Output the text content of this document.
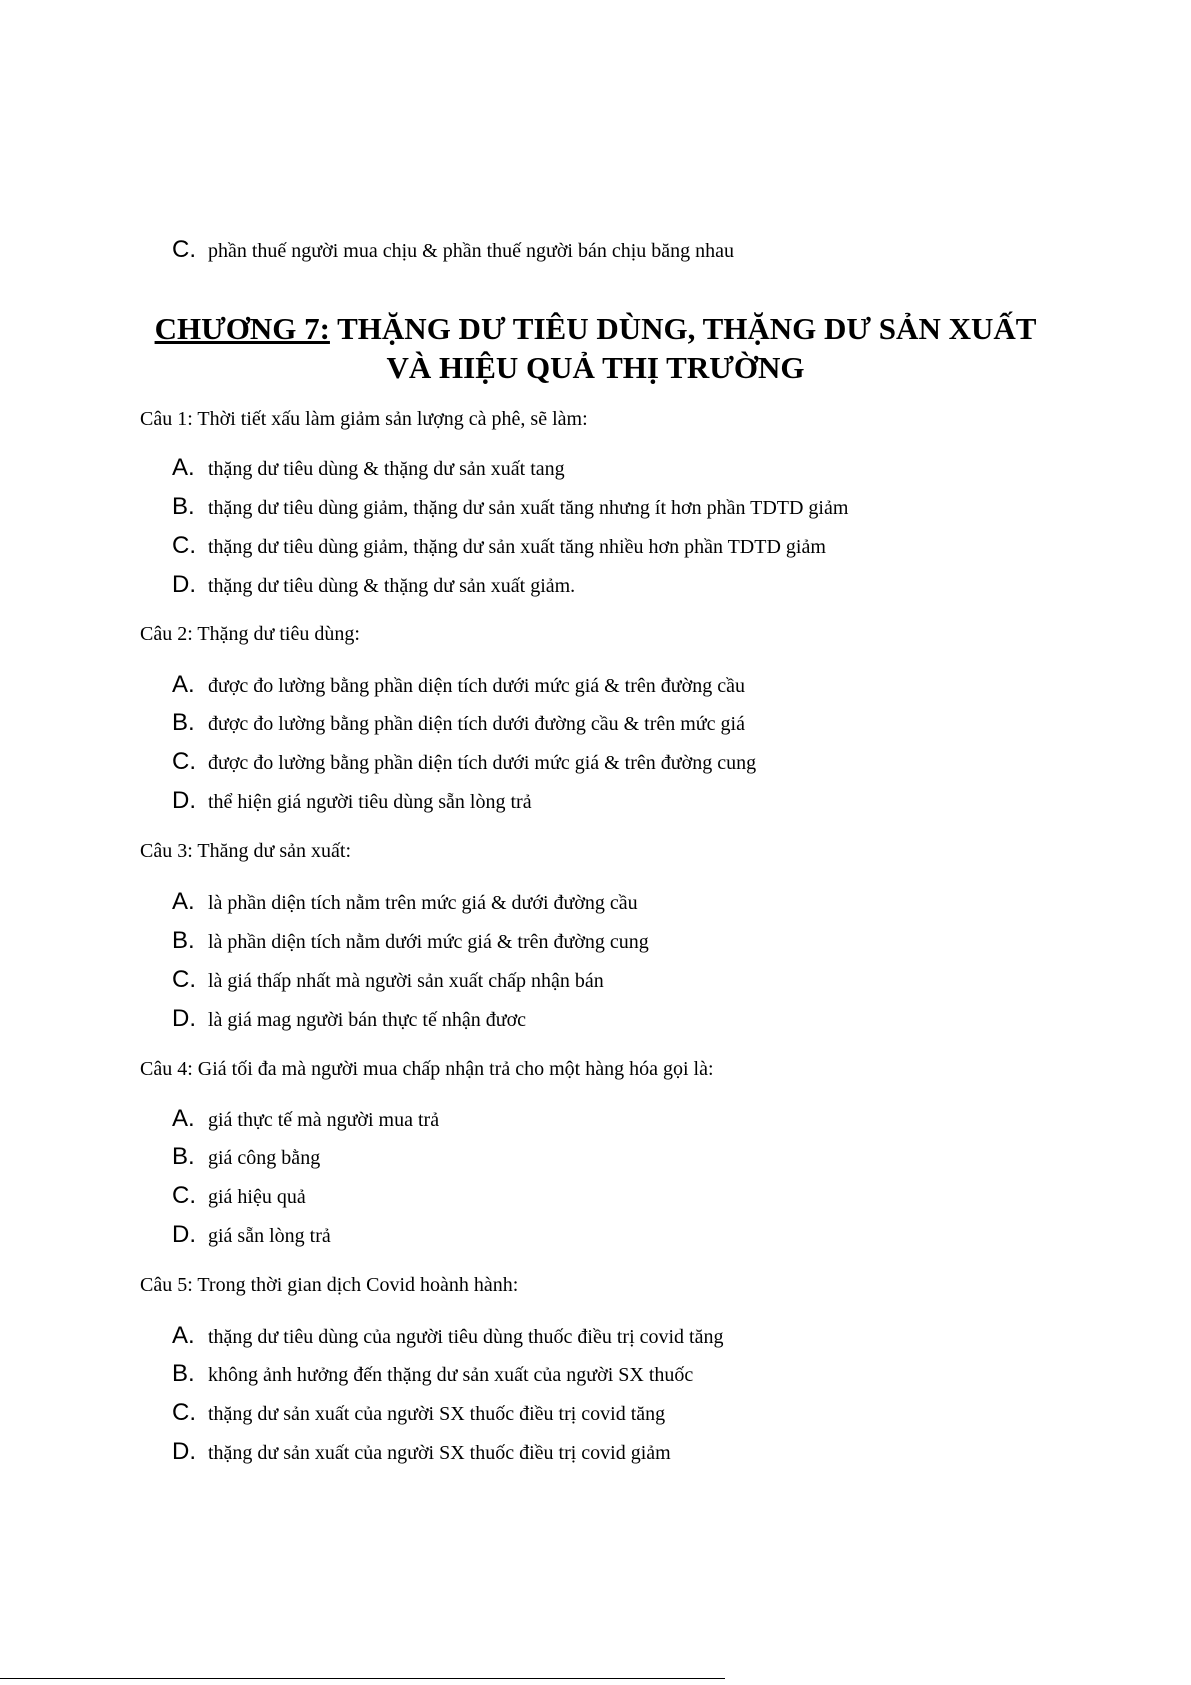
C. phần thuế người mua chịu & phần thuế người bán chịu băng nhau
CHƯƠNG 7: THẶNG DƯ TIÊU DÙNG, THẶNG DƯ SẢN XUẤT
VÀ HIỆU QUẢ THỊ TRƯỜNG
Câu 1: Thời tiết xấu làm giảm sản lượng cà phê, sẽ làm:
A. thặng dư tiêu dùng & thặng dư sản xuất tang
B. thặng dư tiêu dùng giảm, thặng dư sản xuất tăng nhưng ít hơn phần TDTD giảm
C. thặng dư tiêu dùng giảm, thặng dư sản xuất tăng nhiều hơn phần TDTD giảm
D. thặng dư tiêu dùng & thặng dư sản xuất giảm.
Câu 2: Thặng dư tiêu dùng:
A. được đo lường bằng phần diện tích dưới mức giá & trên đường cầu
B. được đo lường bằng phần diện tích dưới đường cầu & trên mức giá
C. được đo lường bằng phần diện tích dưới mức giá & trên đường cung
D. thể hiện giá người tiêu dùng sẵn lòng trả
Câu 3: Thăng dư sản xuất:
A. là phần diện tích nằm trên mức giá & dưới đường cầu
B. là phần diện tích nằm dưới mức giá & trên đường cung
C. là giá thấp nhất mà người sản xuất chấp nhận bán
D. là giá mag người bán thực tế nhận đươc
Câu 4: Giá tối đa mà người mua chấp nhận trả cho một hàng hóa gọi là:
A. giá thực tế mà người mua trả
B. giá công bằng
C. giá hiệu quả
D. giá sẵn lòng trả
Câu 5: Trong thời gian dịch Covid hoành hành:
A. thặng dư tiêu dùng của người tiêu dùng thuốc điều trị covid tăng
B. không ảnh hưởng đến thặng dư sản xuất của người SX thuốc
C. thặng dư sản xuất của người SX thuốc điều trị covid tăng
D. thặng dư sản xuất của người SX thuốc điều trị covid giảm
